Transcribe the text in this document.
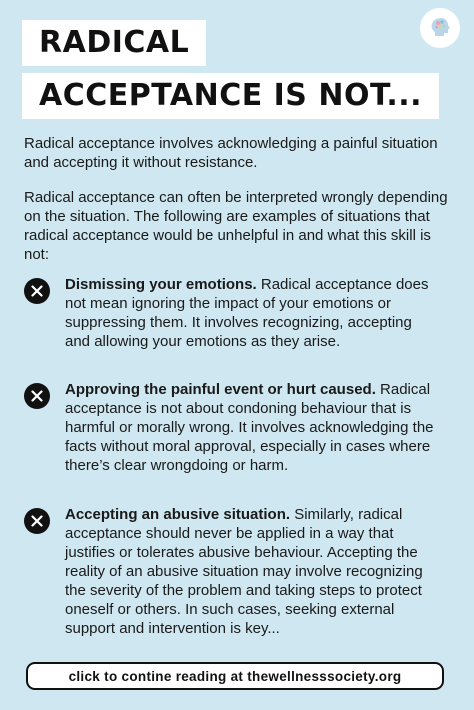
RADICAL
ACCEPTANCE IS NOT...

Radical acceptance involves acknowledging a painful situation and accepting it without resistance.

Radical acceptance can often be interpreted wrongly depending on the situation. The following are examples of situations that radical acceptance would be unhelpful in and what this skill is not:

Dismissing your emotions. Radical acceptance does not mean ignoring the impact of your emotions or suppressing them. It involves recognizing, accepting and allowing your emotions as they arise.

Approving the painful event or hurt caused. Radical acceptance is not about condoning behaviour that is harmful or morally wrong. It involves acknowledging the facts without moral approval, especially in cases where there’s clear wrongdoing or harm.

Accepting an abusive situation. Similarly, radical acceptance should never be applied in a way that justifies or tolerates abusive behaviour. Accepting the reality of an abusive situation may involve recognizing the severity of the problem and taking steps to protect oneself or others. In such cases, seeking external support and intervention is key...

click to contine reading at thewellnesssociety.org
